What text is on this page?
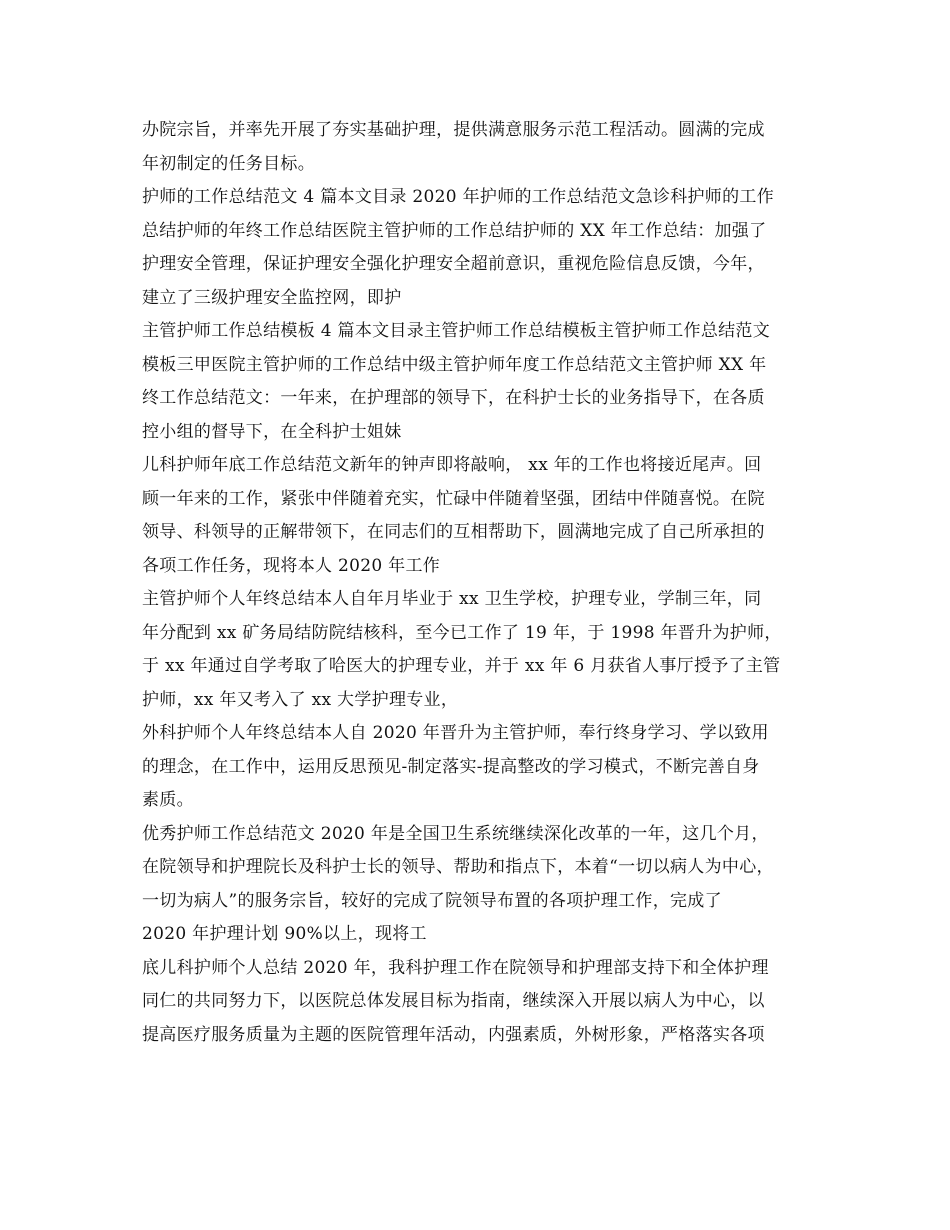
办院宗旨，并率先开展了夯实基础护理，提供满意服务示范工程活动。圆满的完成
年初制定的任务目标。
护师的工作总结范文 4 篇本文目录 2020 年护师的工作总结范文急诊科护师的工作
总结护师的年终工作总结医院主管护师的工作总结护师的 XX 年工作总结：加强了
护理安全管理，保证护理安全强化护理安全超前意识，重视危险信息反馈，今年，
建立了三级护理安全监控网，即护
主管护师工作总结模板 4 篇本文目录主管护师工作总结模板主管护师工作总结范文
模板三甲医院主管护师的工作总结中级主管护师年度工作总结范文主管护师 XX 年
终工作总结范文：一年来，在护理部的领导下，在科护士长的业务指导下，在各质
控小组的督导下，在全科护士姐妹
儿科护师年底工作总结范文新年的钟声即将敲响， xx 年的工作也将接近尾声。回
顾一年来的工作，紧张中伴随着充实，忙碌中伴随着坚强，团结中伴随喜悦。在院
领导、科领导的正解带领下，在同志们的互相帮助下，圆满地完成了自己所承担的
各项工作任务，现将本人 2020 年工作
主管护师个人年终总结本人自年月毕业于 xx 卫生学校，护理专业，学制三年，同
年分配到 xx 矿务局结防院结核科，至今已工作了 19 年，于 1998 年晋升为护师，
于 xx 年通过自学考取了哈医大的护理专业，并于 xx 年 6 月获省人事厅授予了主管
护师，xx 年又考入了 xx 大学护理专业，
外科护师个人年终总结本人自 2020 年晋升为主管护师，奉行终身学习、学以致用
的理念，在工作中，运用反思预见-制定落实-提高整改的学习模式，不断完善自身
素质。
优秀护师工作总结范文 2020 年是全国卫生系统继续深化改革的一年，这几个月，
在院领导和护理院长及科护士长的领导、帮助和指点下，本着“一切以病人为中心，
一切为病人”的服务宗旨，较好的完成了院领导布置的各项护理工作，完成了
2020 年护理计划 90%以上，现将工
底儿科护师个人总结 2020 年，我科护理工作在院领导和护理部支持下和全体护理
同仁的共同努力下，以医院总体发展目标为指南，继续深入开展以病人为中心，以
提高医疗服务质量为主题的医院管理年活动，内强素质，外树形象，严格落实各项
